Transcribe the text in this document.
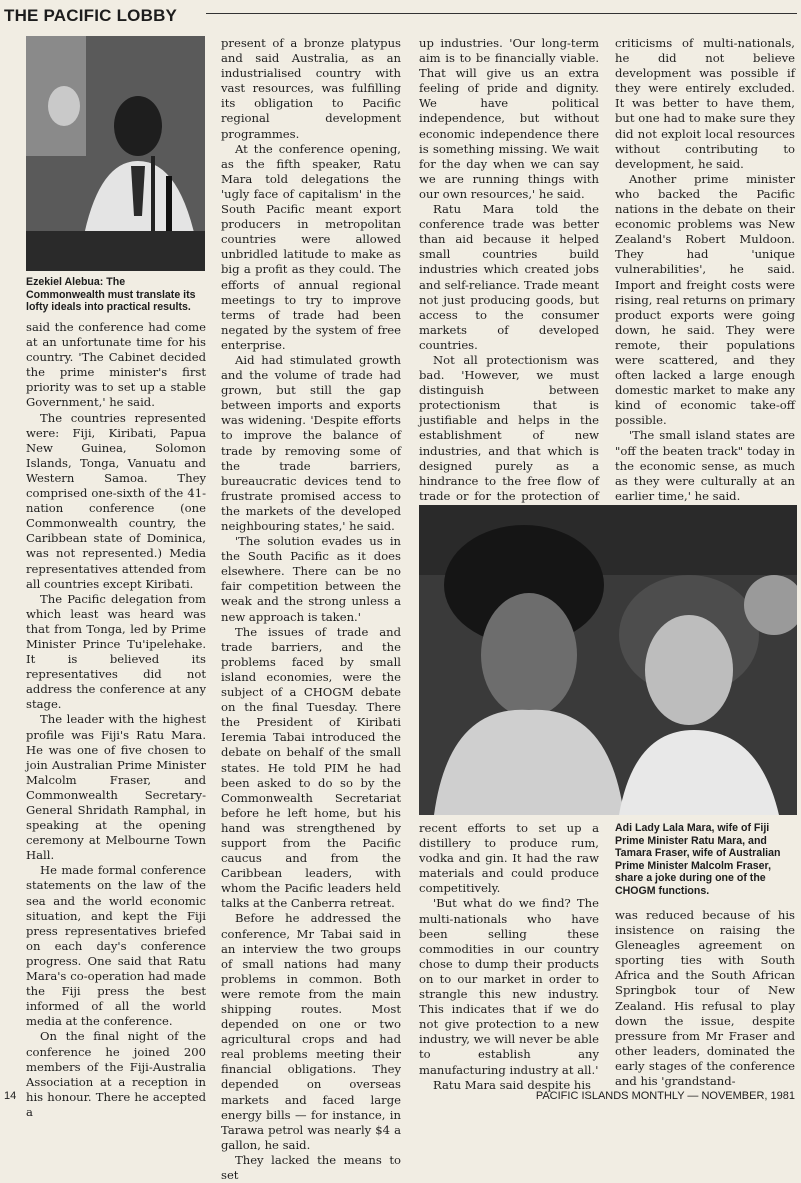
THE PACIFIC LOBBY

Ezekiel Alebua: The Commonwealth must translate its lofty ideals into practical results.

said the conference had come at an unfortunate time for his country. 'The Cabinet decided the prime minister's first priority was to set up a stable Government,' he said.

The countries represented were: Fiji, Kiribati, Papua New Guinea, Solomon Islands, Tonga, Vanuatu and Western Samoa. They comprised one-sixth of the 41-nation conference (one Commonwealth country, the Caribbean state of Dominica, was not represented.) Media representatives attended from all countries except Kiribati.

The Pacific delegation from which least was heard was that from Tonga, led by Prime Minister Prince Tu'ipelehake. It is believed its representatives did not address the conference at any stage.

The leader with the highest profile was Fiji's Ratu Mara. He was one of five chosen to join Australian Prime Minister Malcolm Fraser, and Commonwealth Secretary-General Shridath Ramphal, in speaking at the opening ceremony at Melbourne Town Hall.

He made formal conference statements on the law of the sea and the world economic situation, and kept the Fiji press representatives briefed on each day's conference progress. One said that Ratu Mara's co-operation had made the Fiji press the best informed of all the world media at the conference.

On the final night of the conference he joined 200 members of the Fiji-Australia Association at a reception in his honour. There he accepted a

present of a bronze platypus and said Australia, as an industrialised country with vast resources, was fulfilling its obligation to Pacific regional development programmes.

At the conference opening, as the fifth speaker, Ratu Mara told delegations the 'ugly face of capitalism' in the South Pacific meant export producers in metropolitan countries were allowed unbridled latitude to make as big a profit as they could. The efforts of annual regional meetings to try to improve terms of trade had been negated by the system of free enterprise.

Aid had stimulated growth and the volume of trade had grown, but still the gap between imports and exports was widening. 'Despite efforts to improve the balance of trade by removing some of the trade barriers, bureaucratic devices tend to frustrate promised access to the markets of the developed neighbouring states,' he said.

'The solution evades us in the South Pacific as it does elsewhere. There can be no fair competition between the weak and the strong unless a new approach is taken.'

The issues of trade and trade barriers, and the problems faced by small island economies, were the subject of a CHOGM debate on the final Tuesday. There the President of Kiribati Ieremia Tabai introduced the debate on behalf of the small states. He told PIM he had been asked to do so by the Commonwealth Secretariat before he left home, but his hand was strengthened by support from the Pacific caucus and from the Caribbean leaders, with whom the Pacific leaders held talks at the Canberra retreat.

Before he addressed the conference, Mr Tabai said in an interview the two groups of small nations had many problems in common. Both were remote from the main shipping routes. Most depended on one or two agricultural crops and had real problems meeting their financial obligations. They depended on overseas markets and faced large energy bills — for instance, in Tarawa petrol was nearly $4 a gallon, he said.

They lacked the means to set

up industries. 'Our long-term aim is to be financially viable. That will give us an extra feeling of pride and dignity. We have political independence, but without economic independence there is something missing. We wait for the day when we can say we are running things with our own resources,' he said.

Ratu Mara told the conference trade was better than aid because it helped small countries build industries which created jobs and self-reliance. Trade meant not just producing goods, but access to the consumer markets of developed countries.

Not all protectionism was bad. 'However, we must distinguish between protectionism that is justifiable and helps in the establishment of new industries, and that which is designed purely as a hindrance to the free flow of trade or for the protection of

criticisms of multi-nationals, he did not believe development was possible if they were entirely excluded. It was better to have them, but one had to make sure they did not exploit local resources without contributing to development, he said.

Another prime minister who backed the Pacific nations in the debate on their economic problems was New Zealand's Robert Muldoon. They had 'unique vulnerabilities', he said. Import and freight costs were rising, real returns on primary product exports were going down, he said. They were remote, their populations were scattered, and they often lacked a large enough domestic market to make any kind of economic take-off possible.

'The small island states are "off the beaten track" today in the economic sense, as much as they were culturally at an earlier time,' he said.

Adi Lady Lala Mara, wife of Fiji Prime Minister Ratu Mara, and Tamara Fraser, wife of Australian Prime Minister Malcolm Fraser, share a joke during one of the CHOGM functions.

recent efforts to set up a distillery to produce rum, vodka and gin. It had the raw materials and could produce competitively.

'But what do we find? The multi-nationals who have been selling these commodities in our country chose to dump their products on to our market in order to strangle this new industry. This indicates that if we do not give protection to a new industry, we will never be able to establish any manufacturing industry at all.'

Ratu Mara said despite his

was reduced because of his insistence on raising the Gleneagles agreement on sporting ties with South Africa and the South African Springbok tour of New Zealand. His refusal to play down the issue, despite pressure from Mr Fraser and other leaders, dominated the early stages of the conference and his 'grandstand-

14	PACIFIC ISLANDS MONTHLY — NOVEMBER, 1981
